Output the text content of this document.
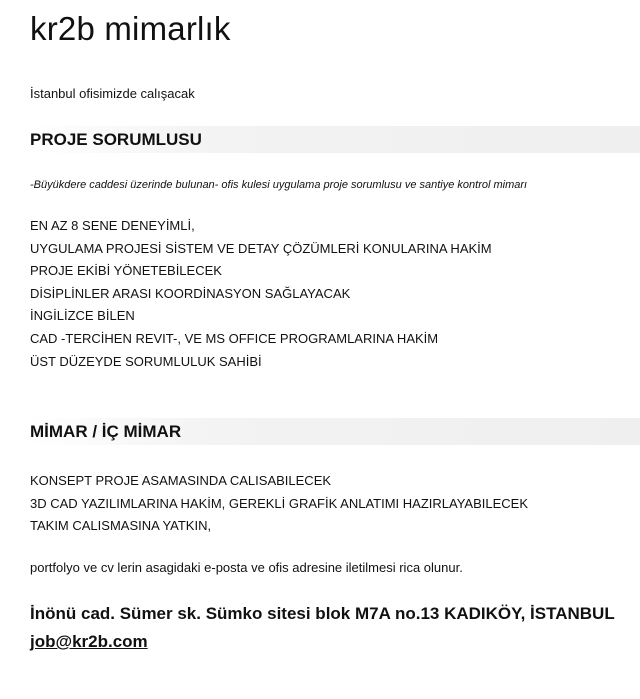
kr2b mimarlık
İstanbul ofisimizde calışacak
PROJE SORUMLUSU
-Büyükdere caddesi üzerinde bulunan- ofis kulesi uygulama proje sorumlusu ve santiye kontrol mimarı
EN AZ 8 SENE DENEYİMLİ,
UYGULAMA PROJESİ SİSTEM VE DETAY ÇÖZÜMLERİ KONULARINA HAKİM
PROJE EKİBİ YÖNETEBİLECEK
DİSİPLİNLER ARASI KOORDİNASYON SAĞLAYACAK
İNGİLİZCE BİLEN
CAD -TERCİHEN REVIT-, VE MS OFFICE PROGRAMLARINA HAKİM
ÜST DÜZEYDE SORUMLULUK SAHİBİ
MİMAR / İÇ MİMAR
KONSEPT PROJE ASAMASINDA CALISABILECEK
3D CAD YAZILIMLARINA HAKİM, GEREKLİ GRAFİK ANLATIMI HAZIRLAYABILECEK
TAKIM CALISMASINA YATKIN,
portfolyo ve cv lerin asagidaki e-posta ve ofis adresine iletilmesi rica olunur.
İnönü cad. Sümer sk. Sümko sitesi blok M7A no.13 KADIKÖY, İSTANBUL
job@kr2b.com
